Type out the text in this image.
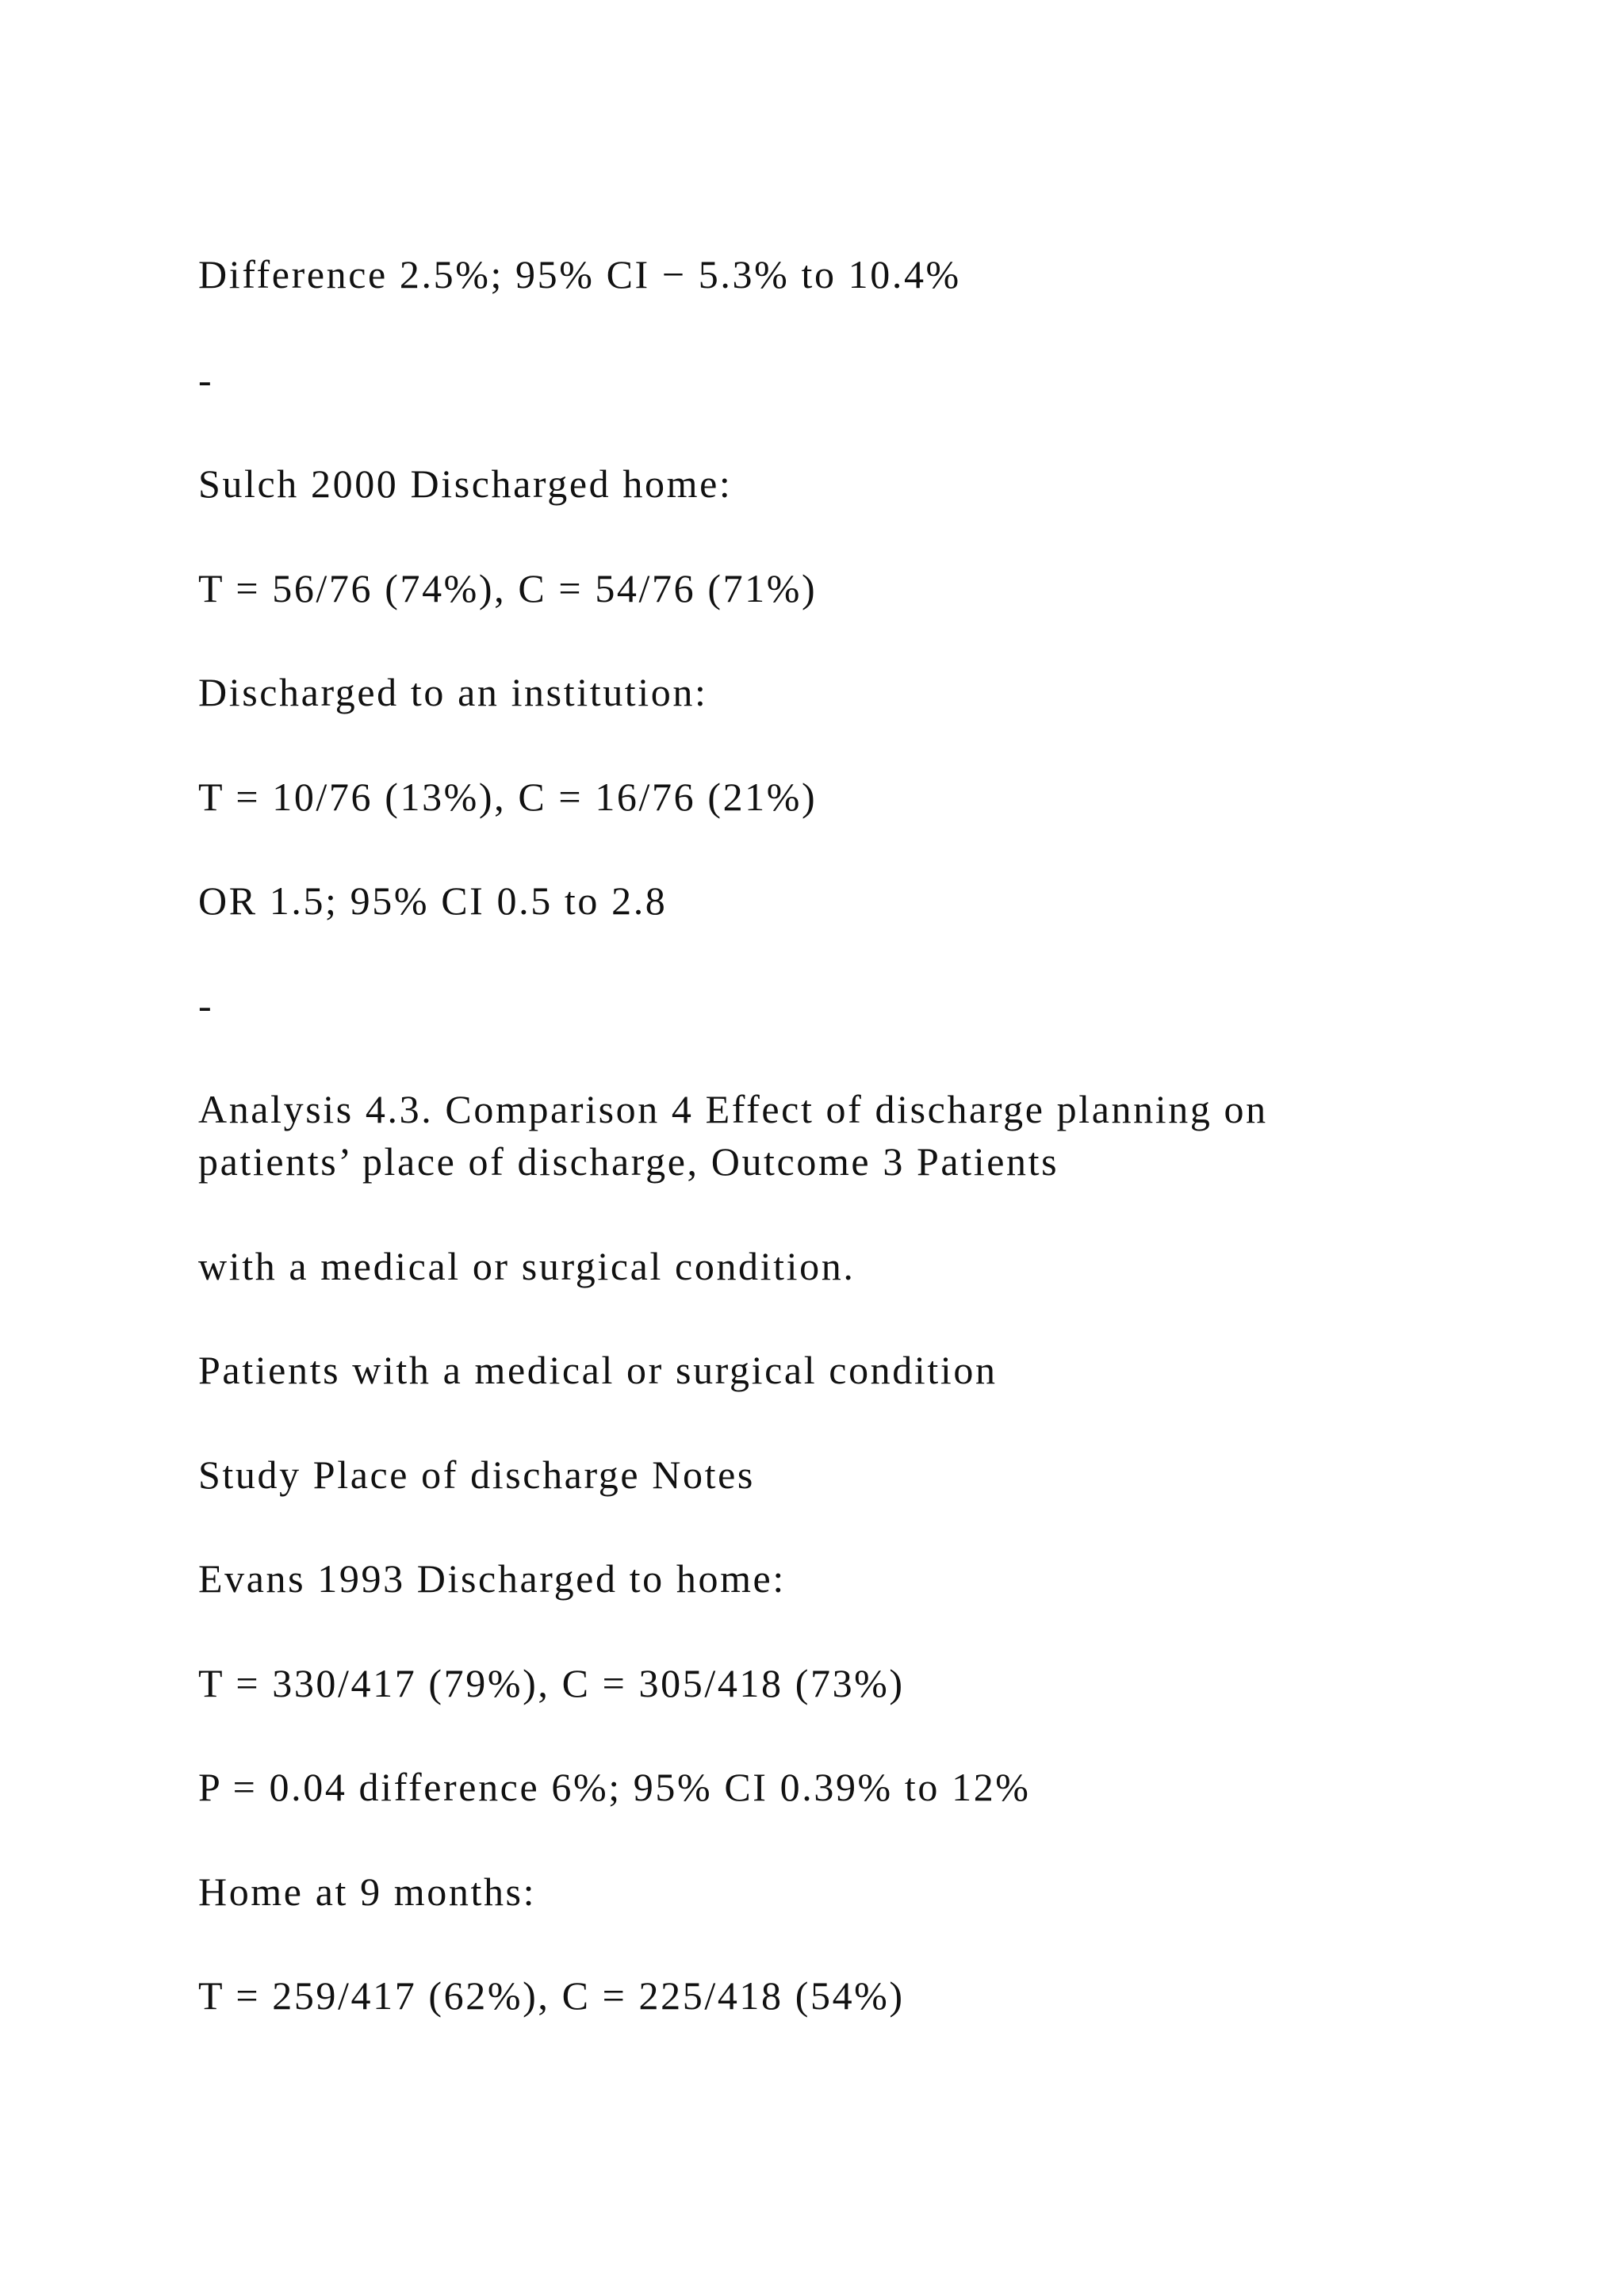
Difference 2.5%; 95% CI − 5.3% to 10.4%

-

Sulch 2000 Discharged home:

T = 56/76 (74%), C = 54/76 (71%)

Discharged to an institution:

T = 10/76 (13%), C = 16/76 (21%)

OR 1.5; 95% CI 0.5 to 2.8

-

Analysis 4.3. Comparison 4 Effect of discharge planning on

patients’ place of discharge, Outcome 3 Patients

with a medical or surgical condition.

Patients with a medical or surgical condition

Study Place of discharge Notes

Evans 1993 Discharged to home:

T = 330/417 (79%), C = 305/418 (73%)

P = 0.04 difference 6%; 95% CI 0.39% to 12%

Home at 9 months:

T = 259/417 (62%), C = 225/418 (54%)
